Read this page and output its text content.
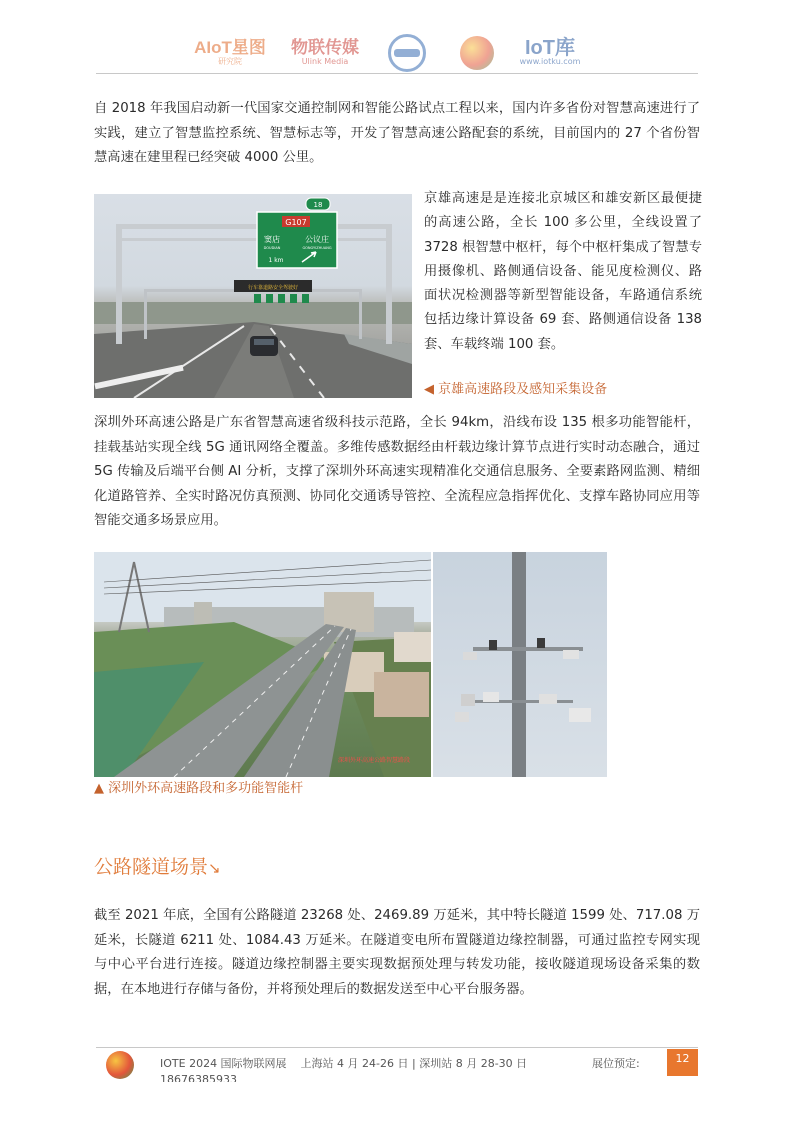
AIoT星图
研究院
物联传媒
Ulink Media
IoT库
www.iotku.com

自 2018 年我国启动新一代国家交通控制网和智能公路试点工程以来，国内许多省份对智慧高速进行了实践，建立了智慧监控系统、智慧标志等，开发了智慧高速公路配套的系统，目前国内的 27 个省份智慧高速在建里程已经突破 4000 公里。

G107
窦店
DOUDIAN
公议庄
GONGYIZHUANG
1 km
18
行车靠道路安全驾驶好

京雄高速是是连接北京城区和雄安新区最便捷的高速公路，全长 100 多公里，全线设置了 3728 根智慧中枢杆，每个中枢杆集成了智慧专用摄像机、路侧通信设备、能见度检测仪、路面状况检测器等新型智能设备，车路通信系统包括边缘计算设备 69 套、路侧通信设备 138 套、车载终端 100 套。

◀ 京雄高速路段及感知采集设备

深圳外环高速公路是广东省智慧高速省级科技示范路，全长 94km，沿线布设 135 根多功能智能杆，挂载基站实现全线 5G 通讯网络全覆盖。多维传感数据经由杆载边缘计算节点进行实时动态融合，通过 5G 传输及后端平台侧 AI 分析，支撑了深圳外环高速实现精准化交通信息服务、全要素路网监测、精细化道路管养、全实时路况仿真预测、协同化交通诱导管控、全流程应急指挥优化、支撑车路协同应用等智能交通多场景应用。

深圳外环高速公路智慧路段
▲ 深圳外环高速路段和多功能智能杆
公路隧道场景↘

截至 2021 年底，全国有公路隧道 23268 处、2469.89 万延米，其中特长隧道 1599 处、717.08 万延米，长隧道 6211 处、1084.43 万延米。在隧道变电所布置隧道边缘控制器，可通过监控专网实现与中心平台进行连接。隧道边缘控制器主要实现数据预处理与转发功能，接收隧道现场设备采集的数据，在本地进行存储与备份，并将预处理后的数据发送至中心平台服务器。

IOTE 2024 国际物联网展 上海站 4 月 24-26 日 | 深圳站 8 月 28-30 日
18676385933
展位预定:	12
